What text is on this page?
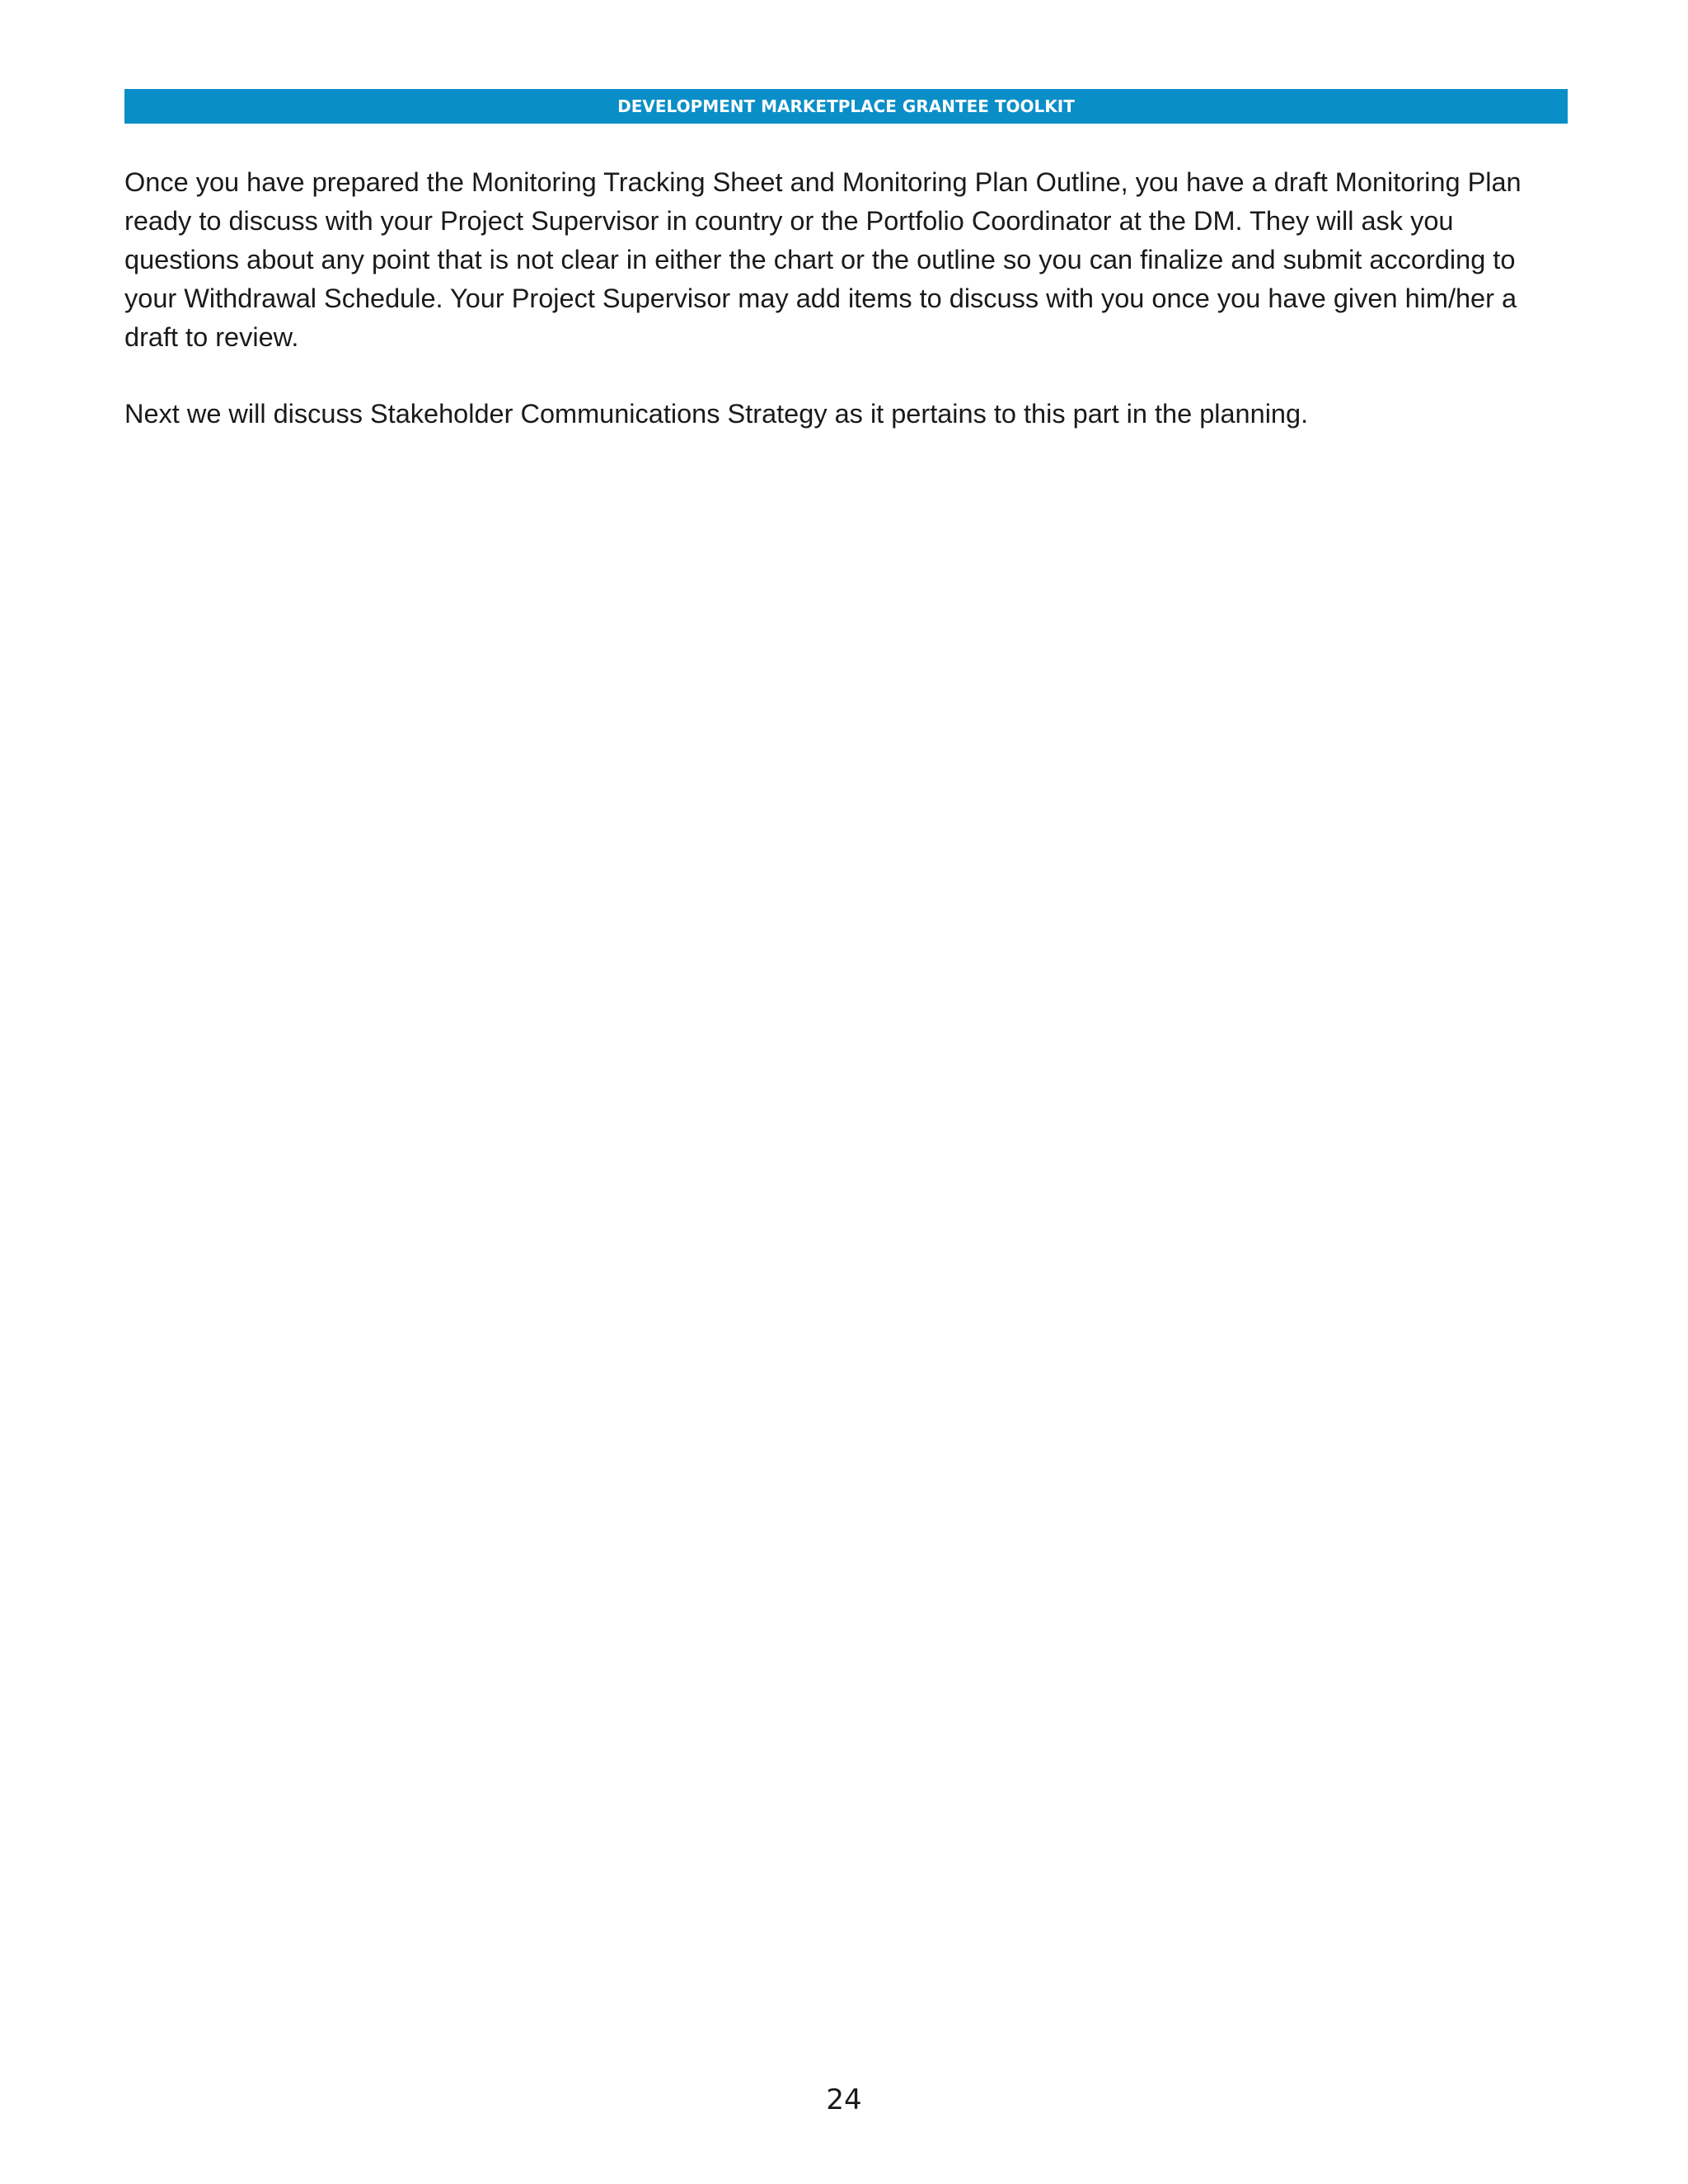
DEVELOPMENT MARKETPLACE GRANTEE TOOLKIT

Once you have prepared the Monitoring Tracking Sheet and Monitoring Plan Outline, you have a draft Monitoring Plan ready to discuss with your Project Supervisor in country or the Portfolio Coordinator at the DM. They will ask you questions about any point that is not clear in either the chart or the outline so you can finalize and submit according to your Withdrawal Schedule. Your Project Supervisor may add items to discuss with you once you have given him/her a draft to review.

Next we will discuss Stakeholder Communications Strategy as it pertains to this part in the planning.

24
